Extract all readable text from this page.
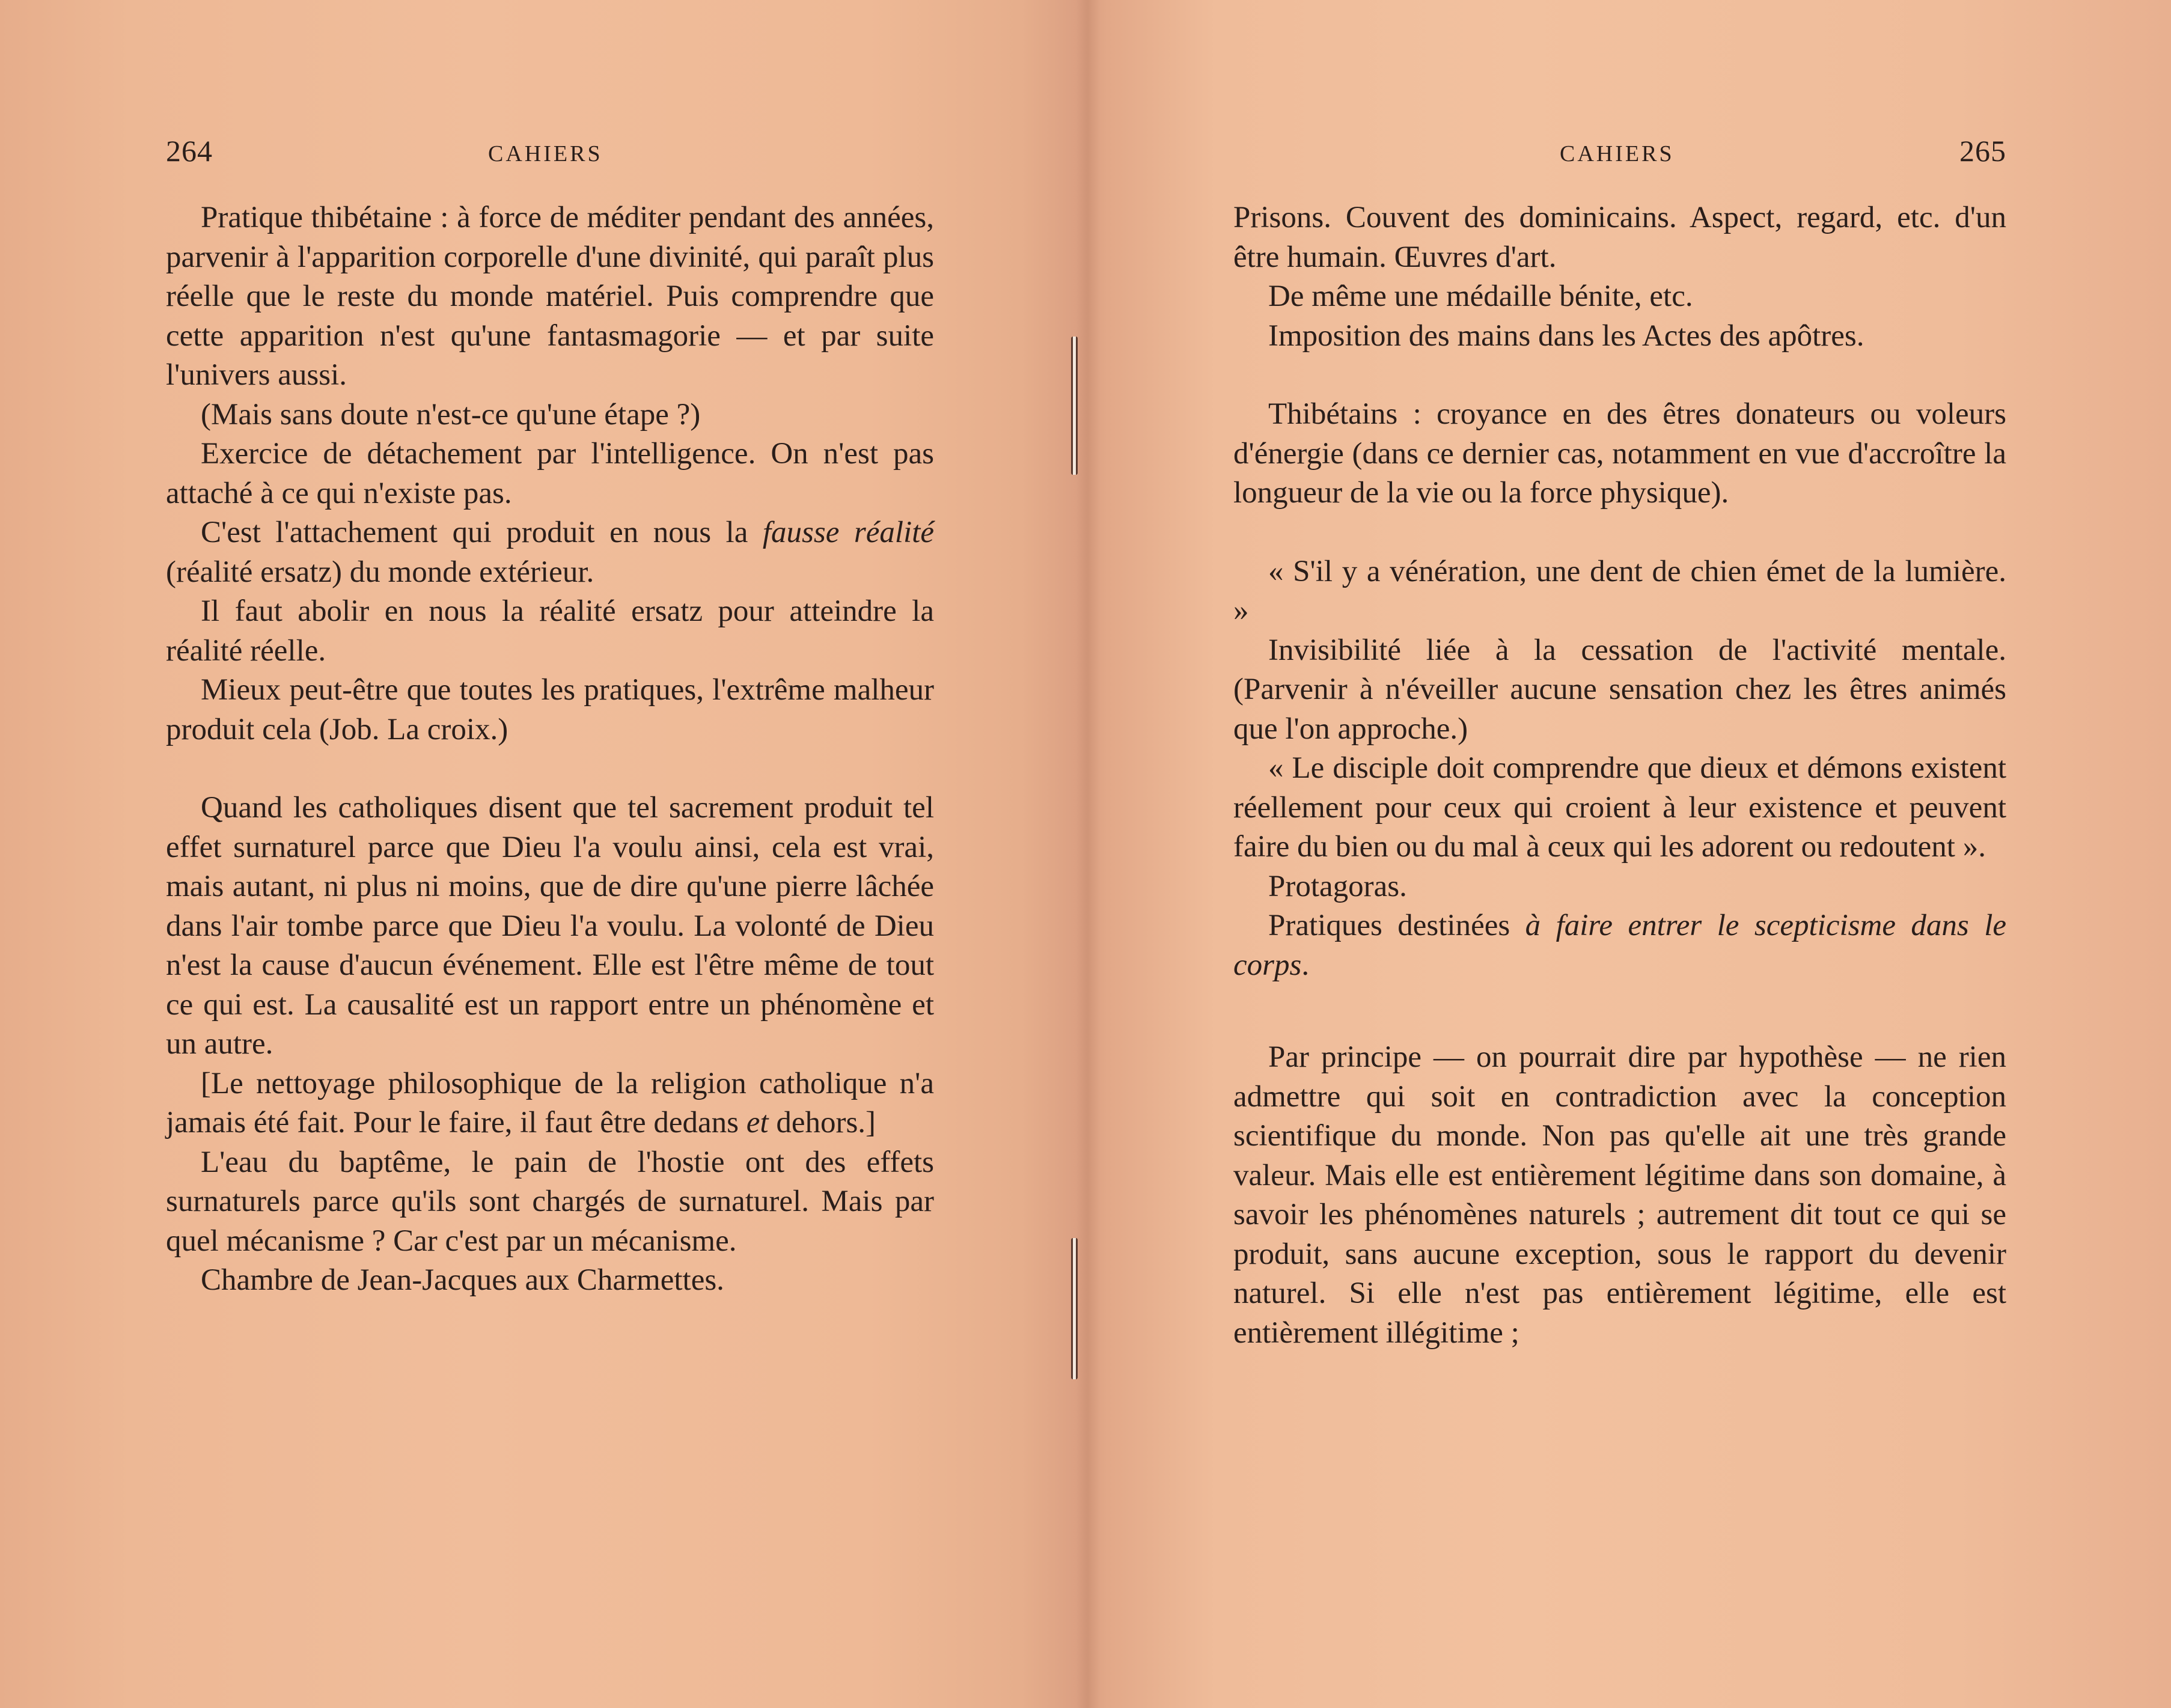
264	CAHIERS

Pratique thibétaine : à force de méditer pendant des années, parvenir à l'apparition corporelle d'une divinité, qui paraît plus réelle que le reste du monde matériel. Puis comprendre que cette apparition n'est qu'une fantasmagorie — et par suite l'univers aussi.

(Mais sans doute n'est-ce qu'une étape ?)

Exercice de détachement par l'intelligence. On n'est pas attaché à ce qui n'existe pas.

C'est l'attachement qui produit en nous la fausse réalité (réalité ersatz) du monde extérieur.

Il faut abolir en nous la réalité ersatz pour atteindre la réalité réelle.

Mieux peut-être que toutes les pratiques, l'extrême malheur produit cela (Job. La croix.)

Quand les catholiques disent que tel sacrement produit tel effet surnaturel parce que Dieu l'a voulu ainsi, cela est vrai, mais autant, ni plus ni moins, que de dire qu'une pierre lâchée dans l'air tombe parce que Dieu l'a voulu. La volonté de Dieu n'est la cause d'aucun événement. Elle est l'être même de tout ce qui est. La causalité est un rapport entre un phénomène et un autre.

[Le nettoyage philosophique de la religion catholique n'a jamais été fait. Pour le faire, il faut être dedans et dehors.]

L'eau du baptême, le pain de l'hostie ont des effets surnaturels parce qu'ils sont chargés de surnaturel. Mais par quel mécanisme ? Car c'est par un mécanisme.

Chambre de Jean-Jacques aux Charmettes.

CAHIERS	265

Prisons. Couvent des dominicains. Aspect, regard, etc. d'un être humain. Œuvres d'art.

De même une médaille bénite, etc.

Imposition des mains dans les Actes des apôtres.

Thibétains : croyance en des êtres donateurs ou voleurs d'énergie (dans ce dernier cas, notamment en vue d'accroître la longueur de la vie ou la force physique).

« S'il y a vénération, une dent de chien émet de la lumière. »

Invisibilité liée à la cessation de l'activité mentale. (Parvenir à n'éveiller aucune sensation chez les êtres animés que l'on approche.)

« Le disciple doit comprendre que dieux et démons existent réellement pour ceux qui croient à leur existence et peuvent faire du bien ou du mal à ceux qui les adorent ou redoutent ».

Protagoras.

Pratiques destinées à faire entrer le scepticisme dans le corps.

Par principe — on pourrait dire par hypothèse — ne rien admettre qui soit en contradiction avec la conception scientifique du monde. Non pas qu'elle ait une très grande valeur. Mais elle est entièrement légitime dans son domaine, à savoir les phénomènes naturels ; autrement dit tout ce qui se produit, sans aucune exception, sous le rapport du devenir naturel. Si elle n'est pas entièrement légitime, elle est entièrement illégitime ;
